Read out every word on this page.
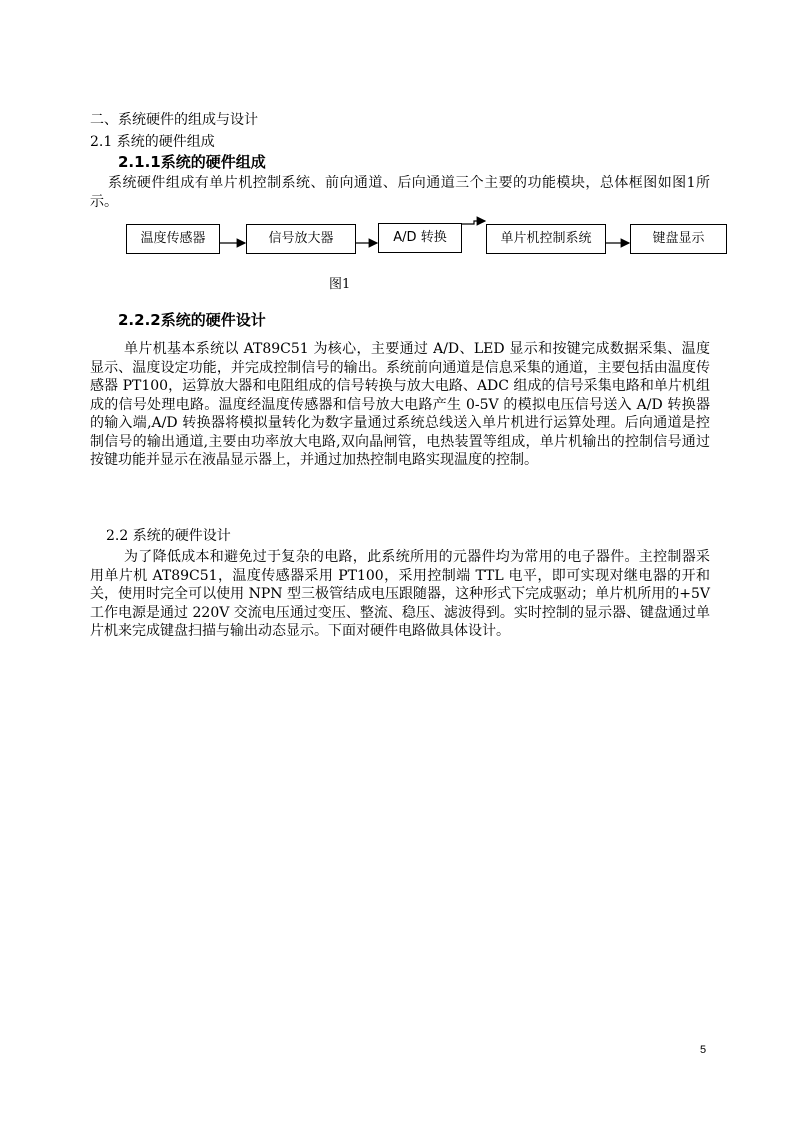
二、系统硬件的组成与设计
2.1 系统的硬件组成
2.1.1系统的硬件组成
系统硬件组成有单片机控制系统、前向通道、后向通道三个主要的功能模块，总体框图如图1所示。
温度传感器	信号放大器	A/D 转换	单片机控制系统	键盘显示
图1
2.2.2系统的硬件设计
单片机基本系统以 AT89C51 为核心，主要通过 A/D、LED 显示和按键完成数据采集、温度显示、温度设定功能，并完成控制信号的输出。系统前向通道是信息采集的通道，主要包括由温度传感器 PT100，运算放大器和电阻组成的信号转换与放大电路、ADC 组成的信号采集电路和单片机组成的信号处理电路。温度经温度传感器和信号放大电路产生 0-5V 的模拟电压信号送入 A/D 转换器的输入端,A/D 转换器将模拟量转化为数字量通过系统总线送入单片机进行运算处理。后向通道是控制信号的输出通道,主要由功率放大电路,双向晶闸管，电热装置等组成，单片机输出的控制信号通过按键功能并显示在液晶显示器上，并通过加热控制电路实现温度的控制。
2.2 系统的硬件设计
为了降低成本和避免过于复杂的电路，此系统所用的元器件均为常用的电子器件。主控制器采用单片机 AT89C51，温度传感器采用 PT100，采用控制端 TTL 电平，即可实现对继电器的开和关，使用时完全可以使用 NPN 型三极管结成电压跟随器，这种形式下完成驱动；单片机所用的+5V 工作电源是通过 220V 交流电压通过变压、整流、稳压、滤波得到。实时控制的显示器、键盘通过单片机来完成键盘扫描与输出动态显示。下面对硬件电路做具体设计。
5
